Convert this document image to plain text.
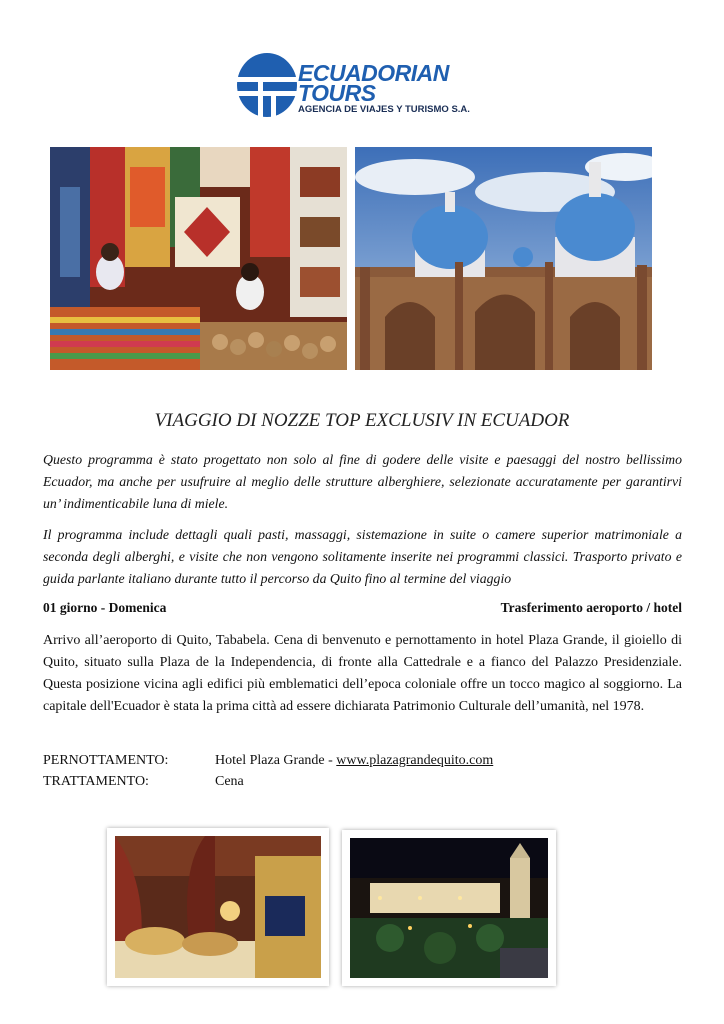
ECUADORIAN
TOURS
AGENCIA DE VIAJES Y TURISMO S.A.
VIAGGIO DI NOZZE TOP EXCLUSIV IN ECUADOR
Questo programma è stato progettato non solo al fine di godere delle visite e paesaggi del nostro bellissimo Ecuador, ma anche per usufruire al meglio delle strutture alberghiere, selezionate accuratamente per garantirvi un’ indimenticabile luna di miele.
Il programma include dettagli quali pasti, massaggi, sistemazione in suite o camere superior matrimoniale a seconda degli alberghi, e visite che non vengono solitamente inserite nei programmi classici. Trasporto privato e guida parlante italiano durante tutto il percorso da Quito fino al termine del viaggio
01 giorno - Domenica	Trasferimento aeroporto / hotel
Arrivo all’aeroporto di Quito, Tababela. Cena di benvenuto e pernottamento in hotel Plaza Grande, il gioiello di Quito, situato sulla Plaza de la Independencia, di fronte alla Cattedrale e a fianco del Palazzo Presidenziale. Questa posizione vicina agli edifici più emblematici dell’epoca coloniale offre un tocco magico al soggiorno. La capitale dell'Ecuador è stata la prima città ad essere dichiarata Patrimonio Culturale dell’umanità, nel 1978.
PERNOTTAMENTO:	Hotel Plaza Grande - www.plazagrandequito.com
TRATTAMENTO:	Cena
